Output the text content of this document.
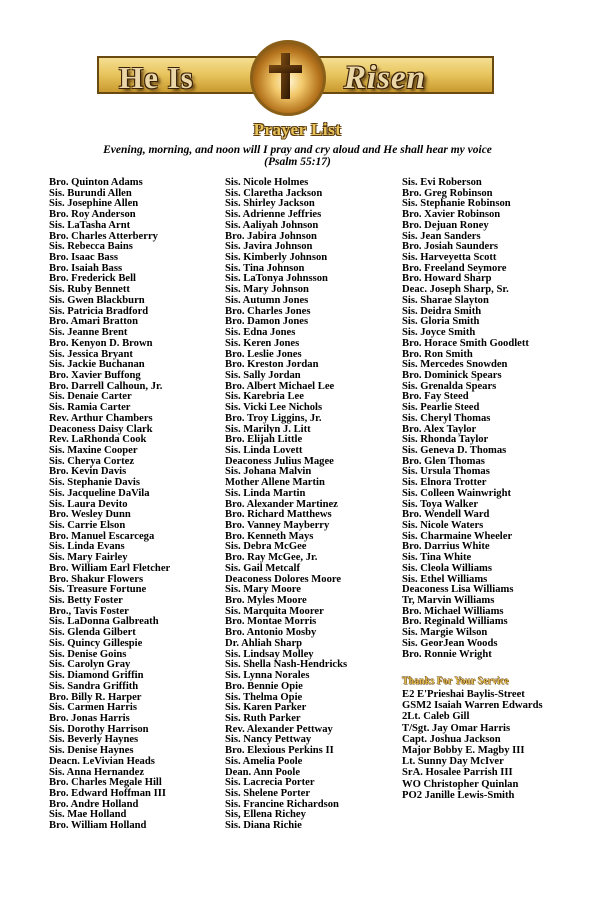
He Is	Risen
Prayer List
Evening, morning, and noon will I pray and cry aloud and He shall hear my voice
(Psalm 55:17)
Bro. Quinton Adams
Sis. Burundi Allen
Sis. Josephine Allen
Bro. Roy Anderson
Sis. LaTasha Arnt
Bro. Charles Atterberry
Sis. Rebecca Bains
Bro. Isaac Bass
Bro. Isaiah Bass
Bro. Frederick Bell
Sis. Ruby Bennett
Sis. Gwen Blackburn
Sis. Patricia Bradford
Bro. Amari Bratton
Sis. Jeanne Brent
Bro. Kenyon D. Brown
Sis. Jessica Bryant
Sis. Jackie Buchanan
Bro. Xavier Buffong
Bro. Darrell Calhoun, Jr.
Sis. Denaie Carter
Sis. Ramia Carter
Rev. Arthur Chambers
Deaconess Daisy Clark
Rev. LaRhonda Cook
Sis. Maxine Cooper
Sis. Cherya Cortez
Bro. Kevin Davis
Sis. Stephanie Davis
Sis. Jacqueline DaVila
Sis. Laura Devito
Bro. Wesley Dunn
Sis. Carrie Elson
Bro. Manuel Escarcega
Sis. Linda Evans
Sis. Mary Fairley
Bro. William Earl Fletcher
Bro. Shakur Flowers
Sis. Treasure Fortune
Sis. Betty Foster
Bro., Tavis Foster
Sis. LaDonna Galbreath
Sis. Glenda Gilbert
Sis. Quincy Gillespie
Sis. Denise Goins
Sis. Carolyn Gray
Sis. Diamond Griffin
Sis. Sandra Griffith
Bro. Billy R. Harper
Sis. Carmen Harris
Bro. Jonas Harris
Sis. Dorothy Harrison
Sis. Beverly Haynes
Sis. Denise Haynes
Deacn. LeVivian Heads
Sis. Anna Hernandez
Bro. Charles Megale Hill
Bro. Edward Hoffman III
Bro. Andre Holland
Sis. Mae Holland
Bro. William Holland
Sis. Nicole Holmes
Sis. Claretha Jackson
Sis. Shirley Jackson
Sis. Adrienne Jeffries
Sis. Aaliyah Johnson
Bro. Jabira Johnson
Sis. Javira Johnson
Sis. Kimberly Johnson
Sis. Tina Johnson
Sis. LaTonya Johnsson
Sis. Mary Johnson
Sis. Autumn Jones
Bro. Charles Jones
Bro. Damon Jones
Sis. Edna Jones
Sis. Keren Jones
Bro. Leslie Jones
Bro. Kreston Jordan
Sis. Sally Jordan
Bro. Albert Michael Lee
Sis. Karebria Lee
Sis. Vicki Lee Nichols
Bro. Troy Liggins, Jr.
Sis. Marilyn J. Litt
Bro. Elijah Little
Sis. Linda Lovett
Deaconess Julius Magee
Sis. Johana Malvin
Mother Allene Martin
Sis. Linda Martin
Bro. Alexander Martinez
Bro. Richard Matthews
Bro. Vanney Mayberry
Bro. Kenneth Mays
Sis. Debra McGee
Bro. Ray McGee, Jr.
Sis. Gail Metcalf
Deaconess Dolores Moore
Sis. Mary Moore
Bro. Myles Moore
Sis. Marquita Moorer
Bro. Montae Morris
Bro. Antonio Mosby
Dr. Ahliah Sharp
Sis. Lindsay Molley
Sis. Shella Nash-Hendricks
Sis. Lynna Norales
Bro. Bennie Opie
Sis. Thelma Opie
Sis. Karen Parker
Sis. Ruth Parker
Rev. Alexander Pettway
Sis. Nancy Pettway
Bro. Elexious Perkins II
Sis. Amelia Poole
Dean. Ann Poole
Sis. Lacrecia Porter
Sis. Shelene Porter
Sis. Francine Richardson
Sis, Ellena Richey
Sis. Diana Richie
Sis. Evi Roberson
Bro. Greg Robinson
Sis. Stephanie Robinson
Bro. Xavier Robinson
Bro. Dejuan Roney
Sis. Jean Sanders
Bro. Josiah Saunders
Sis. Harveyetta Scott
Bro. Freeland Seymore
Bro. Howard Sharp
Deac. Joseph Sharp, Sr.
Sis. Sharae Slayton
Sis. Deidra Smith
Sis. Gloria Smith
Sis. Joyce Smith
Bro. Horace Smith Goodlett
Bro. Ron Smith
Sis. Mercedes Snowden
Bro. Dominick Spears
Sis. Grenalda Spears
Bro. Fay Steed
Sis. Pearlie Steed
Sis. Cheryl Thomas
Bro. Alex Taylor
Sis. Rhonda Taylor
Sis. Geneva D. Thomas
Bro. Glen Thomas
Sis. Ursula Thomas
Sis. Elnora Trotter
Sis. Colleen Wainwright
Sis. Toya Walker
Bro. Wendell Ward
Sis. Nicole Waters
Sis. Charmaine Wheeler
Bro. Darrius White
Sis. Tina White
Sis. Cleola Williams
Sis. Ethel Williams
Deaconess Lisa Williams
Tr, Marvin Williams
Bro. Michael Williams
Bro. Reginald Williams
Sis. Margie Wilson
Sis. GeorJean Woods
Bro. Ronnie Wright
Thanks For Your Service
E2 E'Prieshai Baylis-Street
GSM2 Isaiah Warren Edwards
2Lt. Caleb Gill
T/Sgt. Jay Omar Harris
Capt. Joshua Jackson
Major Bobby E. Magby III
Lt. Sunny Day McIver
SrA. Hosalee Parrish III
WO Christopher Quinlan
PO2 Janille Lewis-Smith
